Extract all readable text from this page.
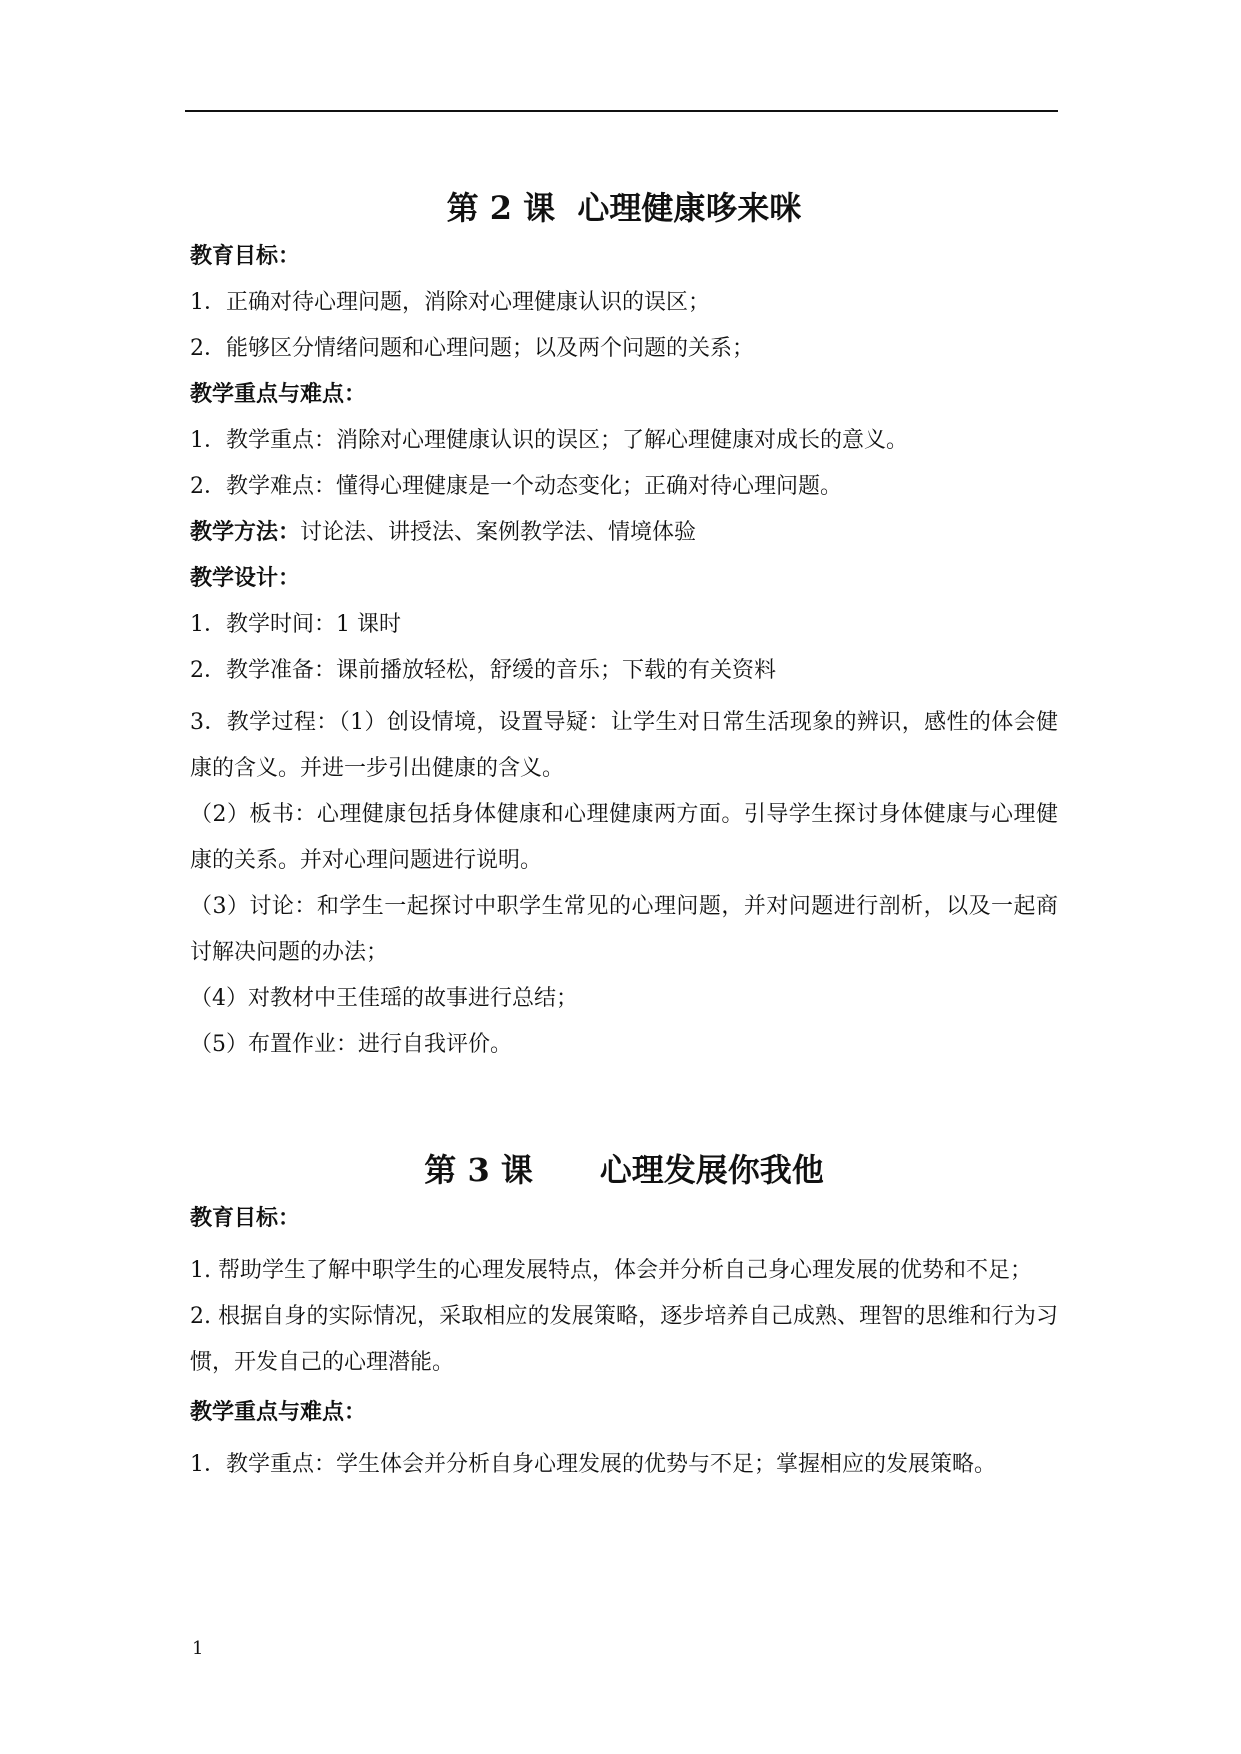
第 2 课  心理健康哆来咪
教育目标：
1．正确对待心理问题，消除对心理健康认识的误区；
2．能够区分情绪问题和心理问题；以及两个问题的关系；
教学重点与难点：
1．教学重点：消除对心理健康认识的误区；了解心理健康对成长的意义。
2．教学难点：懂得心理健康是一个动态变化；正确对待心理问题。
教学方法：讨论法、讲授法、案例教学法、情境体验
教学设计：
1．教学时间：1 课时
2．教学准备：课前播放轻松，舒缓的音乐；下载的有关资料
3．教学过程：（1）创设情境，设置导疑：让学生对日常生活现象的辨识，感性的体会健康的含义。并进一步引出健康的含义。
（2）板书：心理健康包括身体健康和心理健康两方面。引导学生探讨身体健康与心理健康的关系。并对心理问题进行说明。
（3）讨论：和学生一起探讨中职学生常见的心理问题，并对问题进行剖析，以及一起商讨解决问题的办法；
（4）对教材中王佳瑶的故事进行总结；
（5）布置作业：进行自我评价。
第 3 课      心理发展你我他
教育目标：
1. 帮助学生了解中职学生的心理发展特点，体会并分析自己身心理发展的优势和不足；
2. 根据自身的实际情况，采取相应的发展策略，逐步培养自己成熟、理智的思维和行为习惯，开发自己的心理潜能。
教学重点与难点：
1．教学重点：学生体会并分析自身心理发展的优势与不足；掌握相应的发展策略。
1
